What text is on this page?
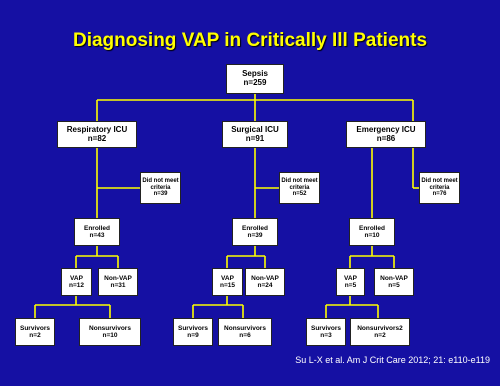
Diagnosing VAP in Critically Ill Patients
Sepsis
n=259
Respiratory ICU
n=82
Did not meet
criteria
n=39
Enrolled
n=43
VAP
n=12
Non-VAP
n=31
Survivors
n=2
Nonsurvivors
n=10
Surgical ICU
n=91
Did not meet
criteria
n=52
Enrolled
n=39
VAP
n=15
Non-VAP
n=24
Survivors
n=9
Nonsurvivors
n=6
Emergency ICU
n=86
Did not meet
criteria
n=76
Enrolled
n=10
VAP
n=5
Non-VAP
n=5
Survivors
n=3
Nonsurvivors2
n=2
Su L-X et al. Am J Crit Care 2012; 21: e110-e119
